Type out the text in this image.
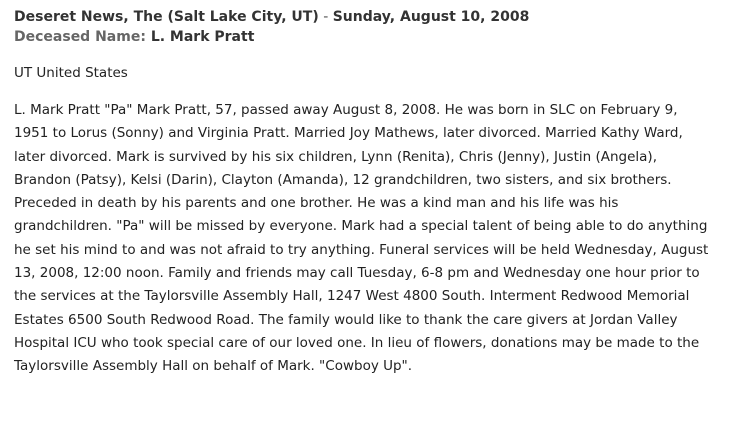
Deseret News, The (Salt Lake City, UT) - Sunday, August 10, 2008
Deceased Name: L. Mark Pratt
UT United States
L. Mark Pratt "Pa" Mark Pratt, 57, passed away August 8, 2008. He was born in SLC on February 9, 1951 to Lorus (Sonny) and Virginia Pratt. Married Joy Mathews, later divorced. Married Kathy Ward, later divorced. Mark is survived by his six children, Lynn (Renita), Chris (Jenny), Justin (Angela), Brandon (Patsy), Kelsi (Darin), Clayton (Amanda), 12 grandchildren, two sisters, and six brothers. Preceded in death by his parents and one brother. He was a kind man and his life was his grandchildren. "Pa" will be missed by everyone. Mark had a special talent of being able to do anything he set his mind to and was not afraid to try anything. Funeral services will be held Wednesday, August 13, 2008, 12:00 noon. Family and friends may call Tuesday, 6-8 pm and Wednesday one hour prior to the services at the Taylorsville Assembly Hall, 1247 West 4800 South. Interment Redwood Memorial Estates 6500 South Redwood Road. The family would like to thank the care givers at Jordan Valley Hospital ICU who took special care of our loved one. In lieu of flowers, donations may be made to the Taylorsville Assembly Hall on behalf of Mark. "Cowboy Up".
